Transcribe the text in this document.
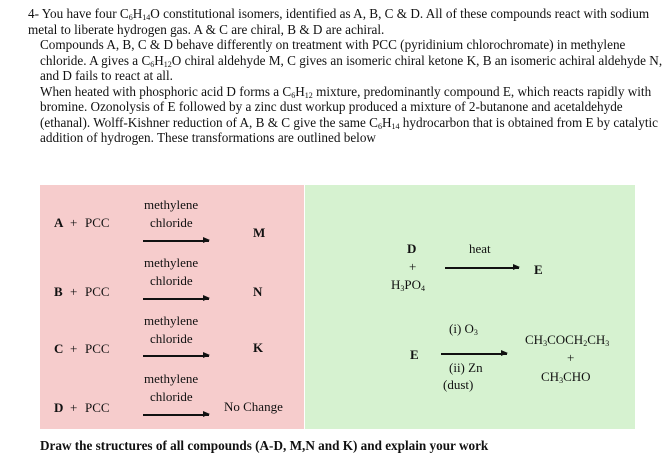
4- You have four $C_6H_{14}O$ constitutional isomers, identified as A, B, C & D. All of these compounds react with sodium metal to liberate hydrogen gas. A & C are chiral, B & D are achiral.

Compounds A, B, C & D behave differently on treatment with PCC (pyridinium chlorochromate) in methylene chloride. A gives a $C_6H_{12}O$ chiral aldehyde M, C gives an isomeric chiral ketone K, B an isomeric achiral aldehyde N, and D fails to react at all.

When heated with phosphoric acid D forms a $C_6H_{12}$ mixture, predominantly compound E, which reacts rapidly with bromine. Ozonolysis of E followed by a zinc dust workup produced a mixture of 2-butanone and acetaldehyde (ethanal). Wolff-Kishner reduction of A, B & C give the same $C_6H_{14}$ hydrocarbon that is obtained from E by catalytic addition of hydrogen. These transformations are outlined below

A + PCC
methylene
chloride
M
B + PCC
methylene
chloride
N
C + PCC
methylene
chloride
K
D + PCC
methylene
chloride
No Change
D
+
$H_3PO_4$
heat
E
E
(i) $O_3$
(ii) Zn
(dust)
$CH_3COCH_2CH_3$
+
$CH_3CHO$
Draw the structures of all compounds (A-D, M,N and K) and explain your work
